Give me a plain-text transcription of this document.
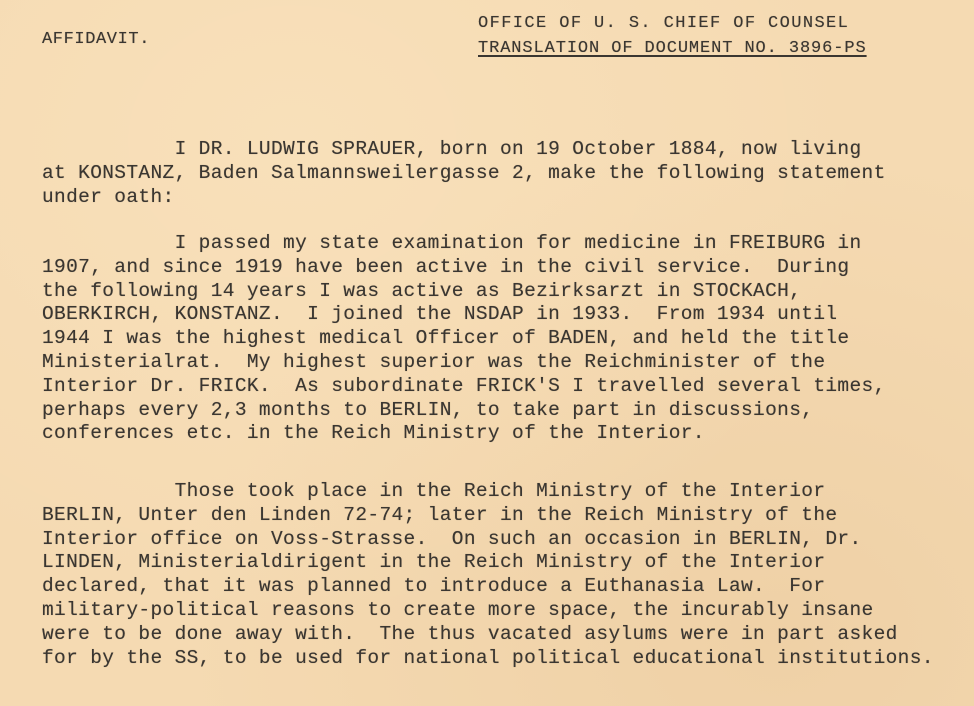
AFFIDAVIT.
OFFICE OF U. S. CHIEF OF COUNSEL
TRANSLATION OF DOCUMENT NO. 3896-PS
I DR. LUDWIG SPRAUER, born on 19 October 1884, now living
at KONSTANZ, Baden Salmannsweilergasse 2, make the following statement
under oath:
I passed my state examination for medicine in FREIBURG in
1907, and since 1919 have been active in the civil service.  During
the following 14 years I was active as Bezirksarzt in STOCKACH,
OBERKIRCH, KONSTANZ.  I joined the NSDAP in 1933.  From 1934 until
1944 I was the highest medical Officer of BADEN, and held the title
Ministerialrat.  My highest superior was the Reichminister of the
Interior Dr. FRICK.  As subordinate FRICK'S I travelled several times,
perhaps every 2,3 months to BERLIN, to take part in discussions,
conferences etc. in the Reich Ministry of the Interior.
Those took place in the Reich Ministry of the Interior
BERLIN, Unter den Linden 72-74; later in the Reich Ministry of the
Interior office on Voss-Strasse.  On such an occasion in BERLIN, Dr.
LINDEN, Ministerialdirigent in the Reich Ministry of the Interior
declared, that it was planned to introduce a Euthanasia Law.  For
military-political reasons to create more space, the incurably insane
were to be done away with.  The thus vacated asylums were in part asked
for by the SS, to be used for national political educational institutions.
